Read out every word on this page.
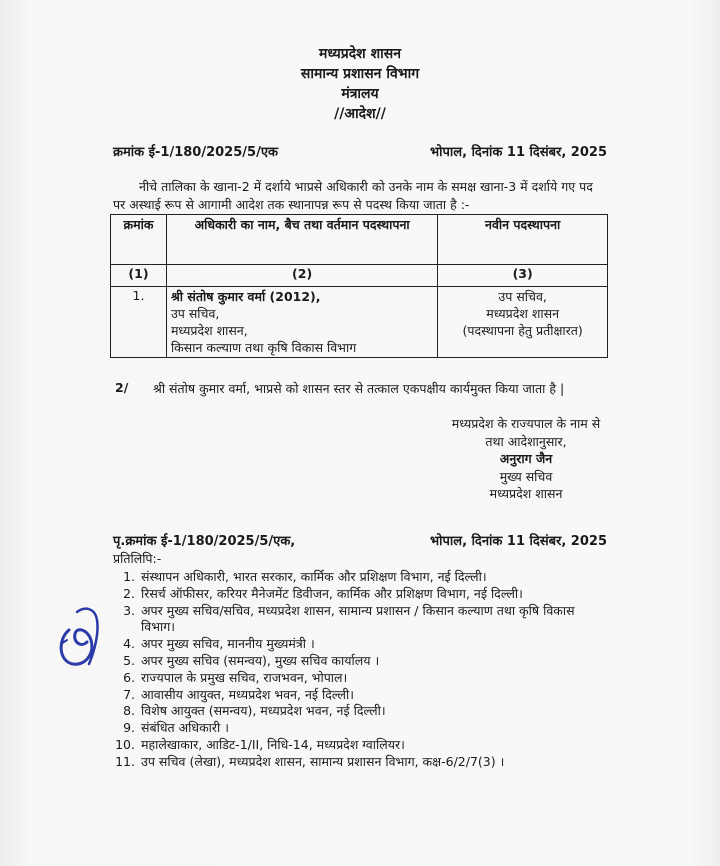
मध्यप्रदेश शासन
सामान्य प्रशासन विभाग
मंत्रालय
//आदेश//
क्रमांक ई-1/180/2025/5/एक	भोपाल, दिनांक 11 दिसंबर, 2025
नीचे तालिका के खाना-2 में दर्शाये भाप्रसे अधिकारी को उनके नाम के समक्ष खाना-3 में दर्शाये गए पद पर अस्थाई रूप से आगामी आदेश तक स्थानापन्न रूप से पदस्थ किया जाता है :-
क्रमांक	अधिकारी का नाम, बैच तथा वर्तमान पदस्थापना	नवीन पदस्थापना
(1)	(2)	(3)
1.	श्री संतोष कुमार वर्मा (2012),
उप सचिव,
मध्यप्रदेश शासन,
किसान कल्याण तथा कृषि विकास विभाग	उप सचिव,
मध्यप्रदेश शासन
(पदस्थापना हेतु प्रतीक्षारत)
2/	श्री संतोष कुमार वर्मा, भाप्रसे को शासन स्तर से तत्काल एकपक्षीय कार्यमुक्त किया जाता है |
मध्यप्रदेश के राज्यपाल के नाम से
तथा आदेशानुसार,
अनुराग जैन
मुख्य सचिव
मध्यप्रदेश शासन
पृ.क्रमांक ई-1/180/2025/5/एक,	भोपाल, दिनांक 11 दिसंबर, 2025
प्रतिलिपि:-
1. संस्थापन अधिकारी, भारत सरकार, कार्मिक और प्रशिक्षण विभाग, नई दिल्ली।
2. रिसर्च ऑफीसर, करियर मैनेजमेंट डिवीजन, कार्मिक और प्रशिक्षण विभाग, नई दिल्ली।
3. अपर मुख्य सचिव/सचिव, मध्यप्रदेश शासन, सामान्य प्रशासन / किसान कल्याण तथा कृषि विकास विभाग।
4. अपर मुख्य सचिव, माननीय मुख्यमंत्री ।
5. अपर मुख्य सचिव (समन्वय), मुख्य सचिव कार्यालय ।
6. राज्यपाल के प्रमुख सचिव, राजभवन, भोपाल।
7. आवासीय आयुक्त, मध्यप्रदेश भवन, नई दिल्ली।
8. विशेष आयुक्त (समन्वय), मध्यप्रदेश भवन, नई दिल्ली।
9. संबंधित अधिकारी ।
10. महालेखाकार, आडिट-1/II, निधि-14, मध्यप्रदेश ग्वालियर।
11. उप सचिव (लेखा), मध्यप्रदेश शासन, सामान्य प्रशासन विभाग, कक्ष-6/2/7(3) ।
